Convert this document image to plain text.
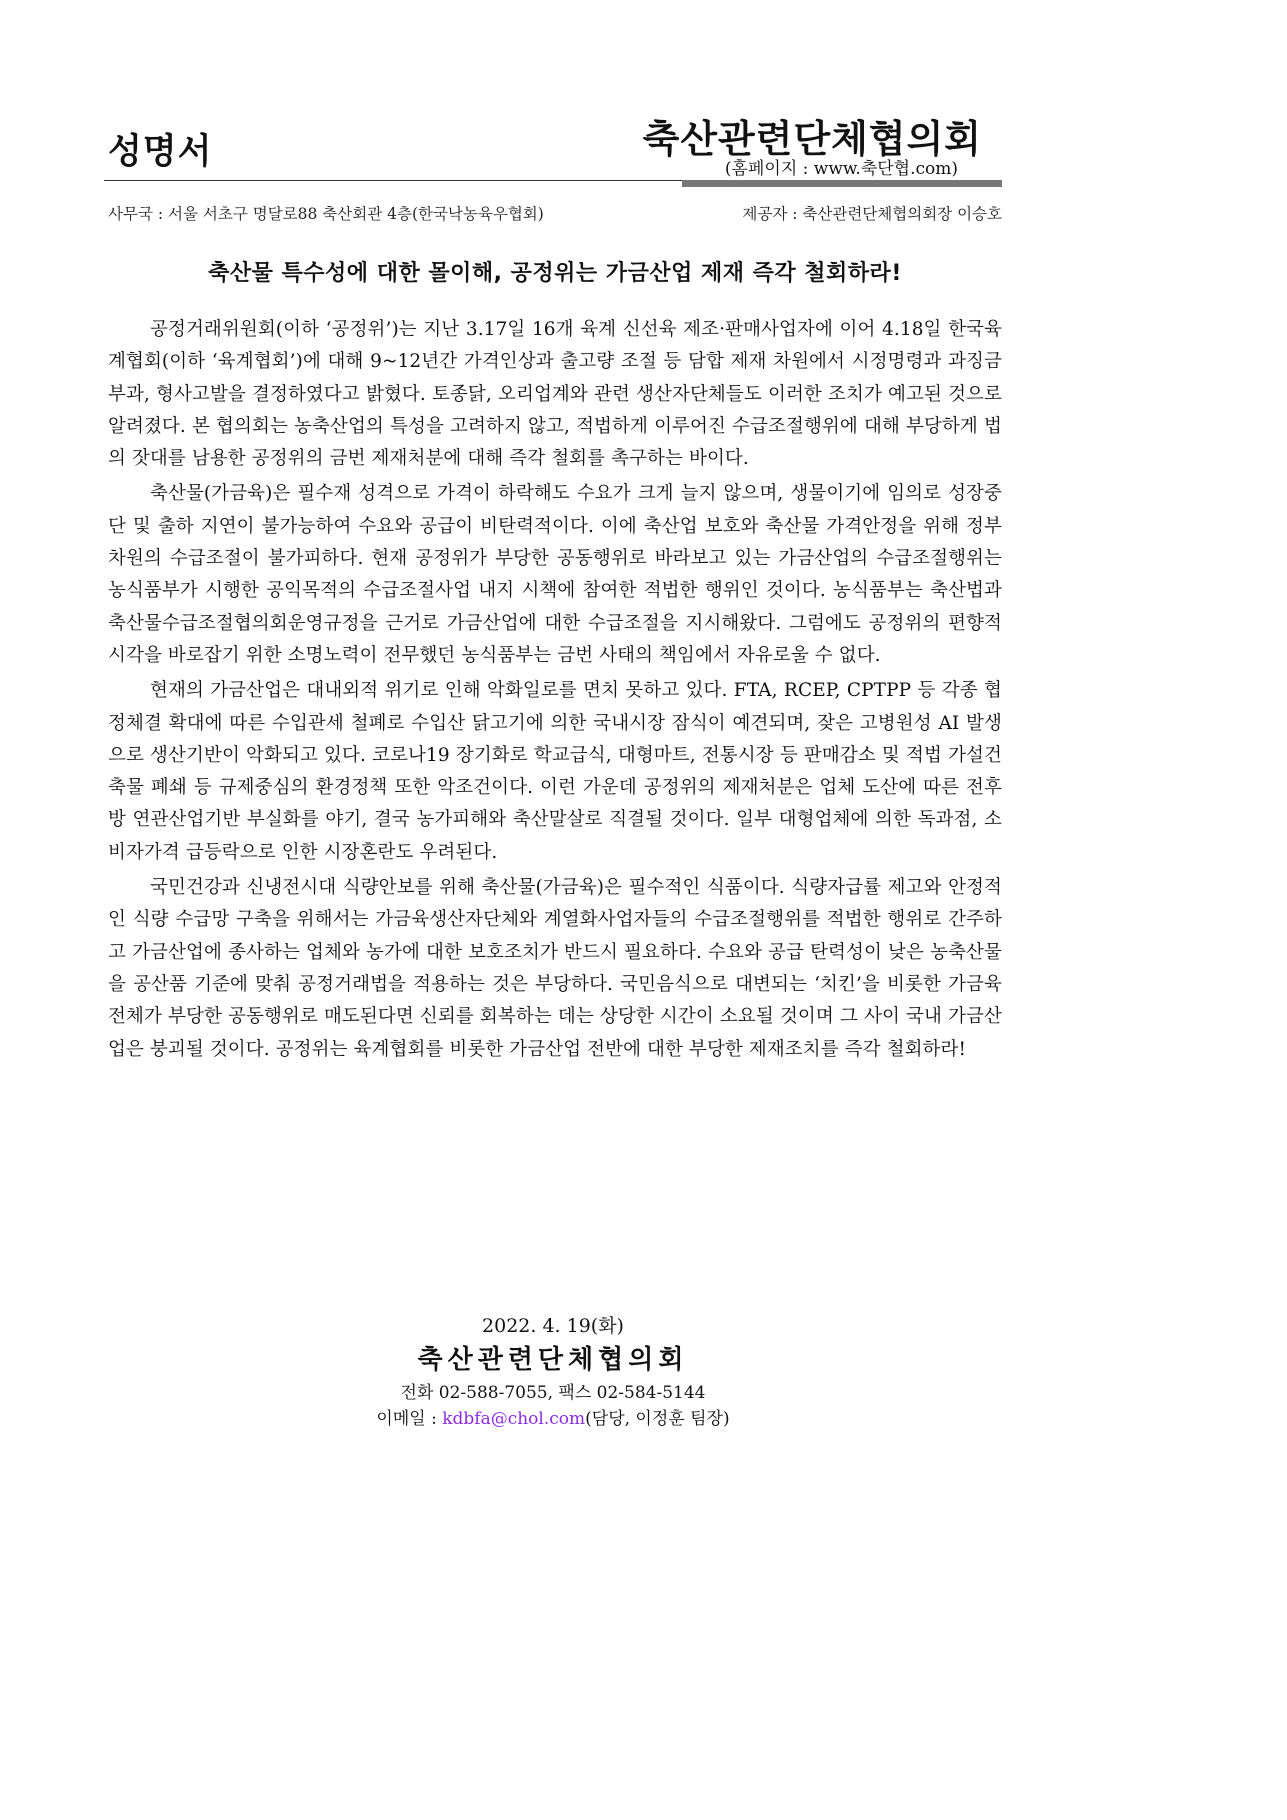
성명서	축산관련단체협의회
(홈페이지 : www.축단협.com)
사무국 : 서울 서초구 명달로88 축산회관 4층(한국낙농육우협회)	제공자 : 축산관련단체협의회장 이승호
축산물 특수성에 대한 몰이해, 공정위는 가금산업 제재 즉각 철회하라!

공정거래위원회(이하 ‘공정위’)는 지난 3.17일 16개 육계 신선육 제조·판매사업자에 이어 4.18일 한국육계협회(이하 ‘육계협회’)에 대해 9~12년간 가격인상과 출고량 조절 등 담합 제재 차원에서 시정명령과 과징금 부과, 형사고발을 결정하였다고 밝혔다. 토종닭, 오리업계와 관련 생산자단체들도 이러한 조치가 예고된 것으로 알려졌다. 본 협의회는 농축산업의 특성을 고려하지 않고, 적법하게 이루어진 수급조절행위에 대해 부당하게 법의 잣대를 남용한 공정위의 금번 제재처분에 대해 즉각 철회를 촉구하는 바이다.

축산물(가금육)은 필수재 성격으로 가격이 하락해도 수요가 크게 늘지 않으며, 생물이기에 임의로 성장중단 및 출하 지연이 불가능하여 수요와 공급이 비탄력적이다. 이에 축산업 보호와 축산물 가격안정을 위해 정부 차원의 수급조절이 불가피하다. 현재 공정위가 부당한 공동행위로 바라보고 있는 가금산업의 수급조절행위는 농식품부가 시행한 공익목적의 수급조절사업 내지 시책에 참여한 적법한 행위인 것이다. 농식품부는 축산법과 축산물수급조절협의회운영규정을 근거로 가금산업에 대한 수급조절을 지시해왔다. 그럼에도 공정위의 편향적 시각을 바로잡기 위한 소명노력이 전무했던 농식품부는 금번 사태의 책임에서 자유로울 수 없다.

현재의 가금산업은 대내외적 위기로 인해 악화일로를 면치 못하고 있다. FTA, RCEP, CPTPP 등 각종 협정체결 확대에 따른 수입관세 철폐로 수입산 닭고기에 의한 국내시장 잠식이 예견되며, 잦은 고병원성 AI 발생으로 생산기반이 악화되고 있다. 코로나19 장기화로 학교급식, 대형마트, 전통시장 등 판매감소 및 적법 가설건축물 폐쇄 등 규제중심의 환경정책 또한 악조건이다. 이런 가운데 공정위의 제재처분은 업체 도산에 따른 전후방 연관산업기반 부실화를 야기, 결국 농가피해와 축산말살로 직결될 것이다. 일부 대형업체에 의한 독과점, 소비자가격 급등락으로 인한 시장혼란도 우려된다.

국민건강과 신냉전시대 식량안보를 위해 축산물(가금육)은 필수적인 식품이다. 식량자급률 제고와 안정적인 식량 수급망 구축을 위해서는 가금육생산자단체와 계열화사업자들의 수급조절행위를 적법한 행위로 간주하고 가금산업에 종사하는 업체와 농가에 대한 보호조치가 반드시 필요하다. 수요와 공급 탄력성이 낮은 농축산물을 공산품 기준에 맞춰 공정거래법을 적용하는 것은 부당하다. 국민음식으로 대변되는 ‘치킨’을 비롯한 가금육 전체가 부당한 공동행위로 매도된다면 신뢰를 회복하는 데는 상당한 시간이 소요될 것이며 그 사이 국내 가금산업은 붕괴될 것이다. 공정위는 육계협회를 비롯한 가금산업 전반에 대한 부당한 제재조치를 즉각 철회하라!

2022. 4. 19(화)
축산관련단체협의회
전화 02-588-7055, 팩스 02-584-5144
이메일 : kdbfa@chol.com(담당, 이정훈 팀장)
